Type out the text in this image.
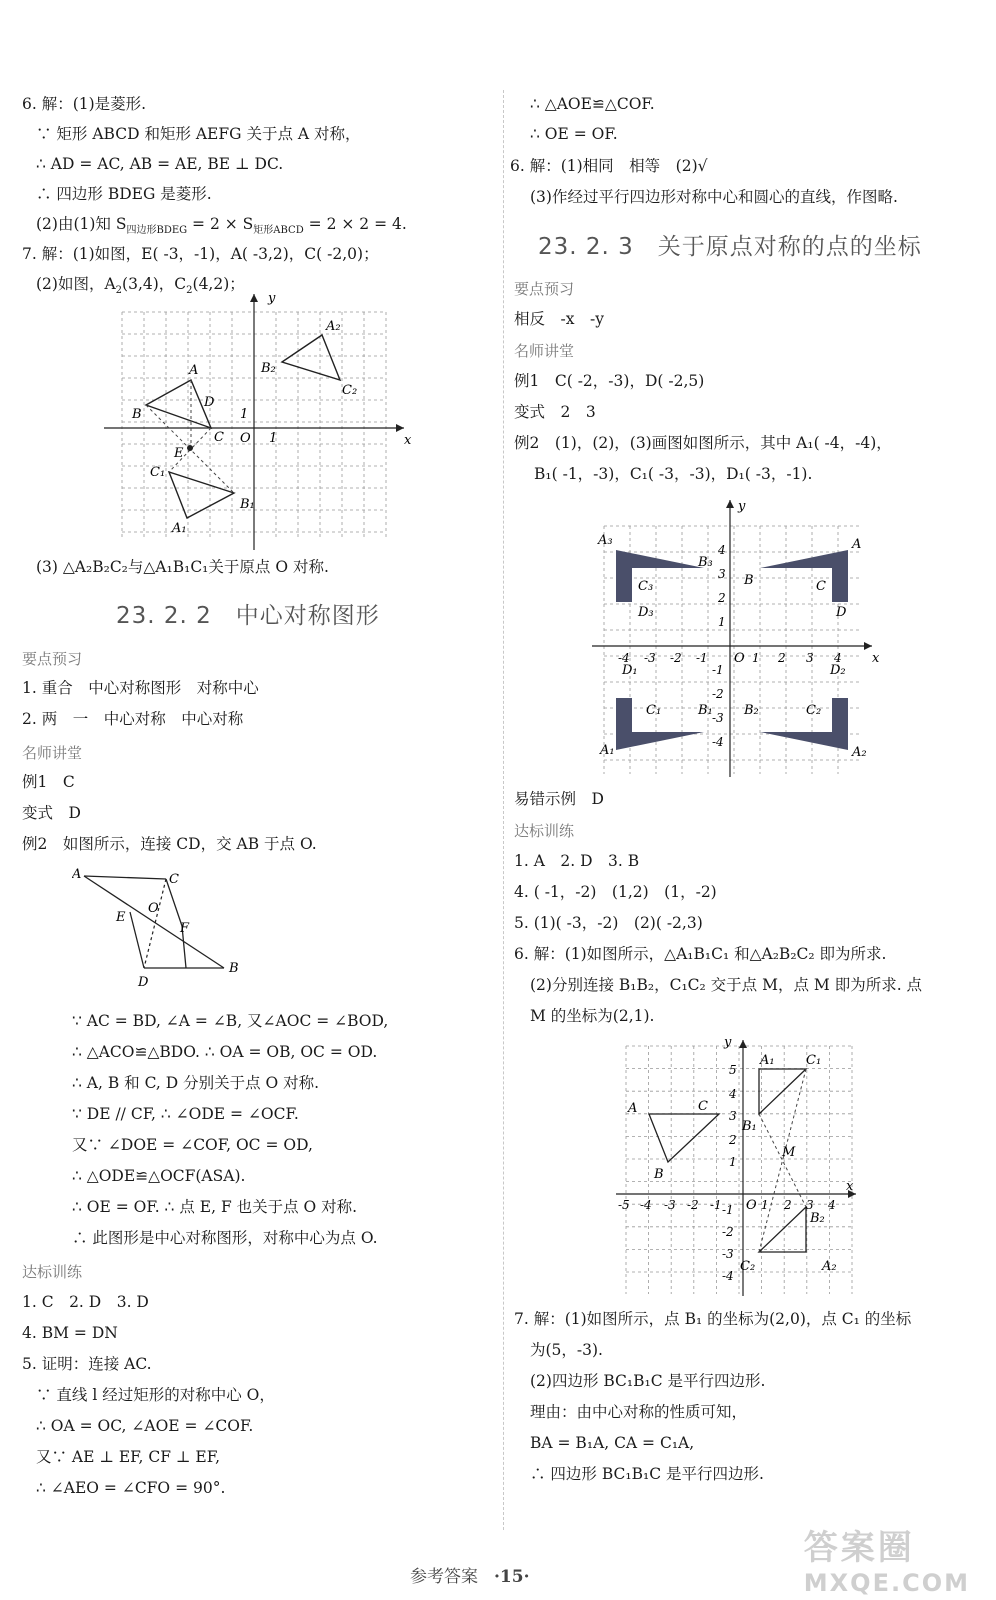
6. 解：(1)是菱形.
∵ 矩形 ABCD 和矩形 AEFG 关于点 A 对称，
∴ AD = AC, AB = AE, BE ⊥ DC.
∴ 四边形 BDEG 是菱形.
(2)由(1)知 $S_{四边形BDEG} = 2 \times S_{矩形ABCD} = 2 \times 2 = 4$.
7. 解：(1)如图，E( -3，-1)，A( -3,2)，C( -2,0)；
(2)如图，$A_2(3,4)$，$C_2(4,2)$；
y
x
O 1
1
A
B
C
D
E
A₁
B₁
C₁
A₂
B₂
C₂
(3) △A₂B₂C₂与△A₁B₁C₁关于原点 O 对称.
23. 2. 2　中心对称图形
要点预习
1. 重合　中心对称图形　对称中心
2. 两　一　中心对称　中心对称
名师讲堂
例1　C
变式　D
例2　如图所示，连接 CD，交 AB 于点 O.
A	C
E
O
F
B
D
∵ AC = BD, ∠A = ∠B, 又∠AOC = ∠BOD,
∴ △ACO≌△BDO. ∴ OA = OB, OC = OD.
∴ A, B 和 C, D 分别关于点 O 对称.
∵ DE // CF, ∴ ∠ODE = ∠OCF.
又∵ ∠DOE = ∠COF, OC = OD,
∴ △ODE≌△OCF(ASA).
∴ OE = OF. ∴ 点 E, F 也关于点 O 对称.
∴ 此图形是中心对称图形，对称中心为点 O.
达标训练
1. C　2. D　3. D
4. BM = DN
5. 证明：连接 AC.
∵ 直线 l 经过矩形的对称中心 O，
∴ OA = OC, ∠AOE = ∠COF.
又∵ AE ⊥ EF, CF ⊥ EF,
∴ ∠AEO = ∠CFO = 90°.
∴ △AOE≌△COF.
∴ OE = OF.
6. 解：(1)相同　相等　(2)√
(3)作经过平行四边形对称中心和圆心的直线，作图略.
23. 2. 3　关于原点对称的点的坐标
要点预习
相反　-x　-y
名师讲堂
例1　C( -2，-3)，D( -2,5)
变式　2　3
例2　(1)，(2)，(3)画图如图所示，其中 A₁( -4，-4)，
B₁( -1，-3)，C₁( -3，-3)，D₁( -3，-1).
y
x
O
-4 -3 -2 -1	1 2 3 4
4
3
2
1
-1
-2
-3
-4
A₃
B₃
C₃
D₃
A
B	C
D
A₁
B₁
C₁
D₁
A₂
B₂	C₂
D₂
易错示例　D
达标训练
1. A　2. D　3. B
4. ( -1，-2)　(1,2)　(1，-2)
5. (1)( -3，-2)　(2)( -2,3)
6. 解：(1)如图所示，△A₁B₁C₁ 和△A₂B₂C₂ 即为所求.
(2)分别连接 B₁B₂，C₁C₂ 交于点 M，点 M 即为所求. 点
M 的坐标为(2,1).
M
y
x
O
-5 -4 -3 -2 -1	1 2 3 4
5
4
3
2
1
-1
-2
-3
-4
A	C
B
A₁ C₁
B₁
B₂
C₂	A₂
7. 解：(1)如图所示，点 B₁ 的坐标为(2,0)，点 C₁ 的坐标
为(5，-3).
(2)四边形 BC₁B₁C 是平行四边形.
理由：由中心对称的性质可知，
BA = B₁A, CA = C₁A,
∴ 四边形 BC₁B₁C 是平行四边形.
参考答案 ·15·
答案圈
MXQE.COM
